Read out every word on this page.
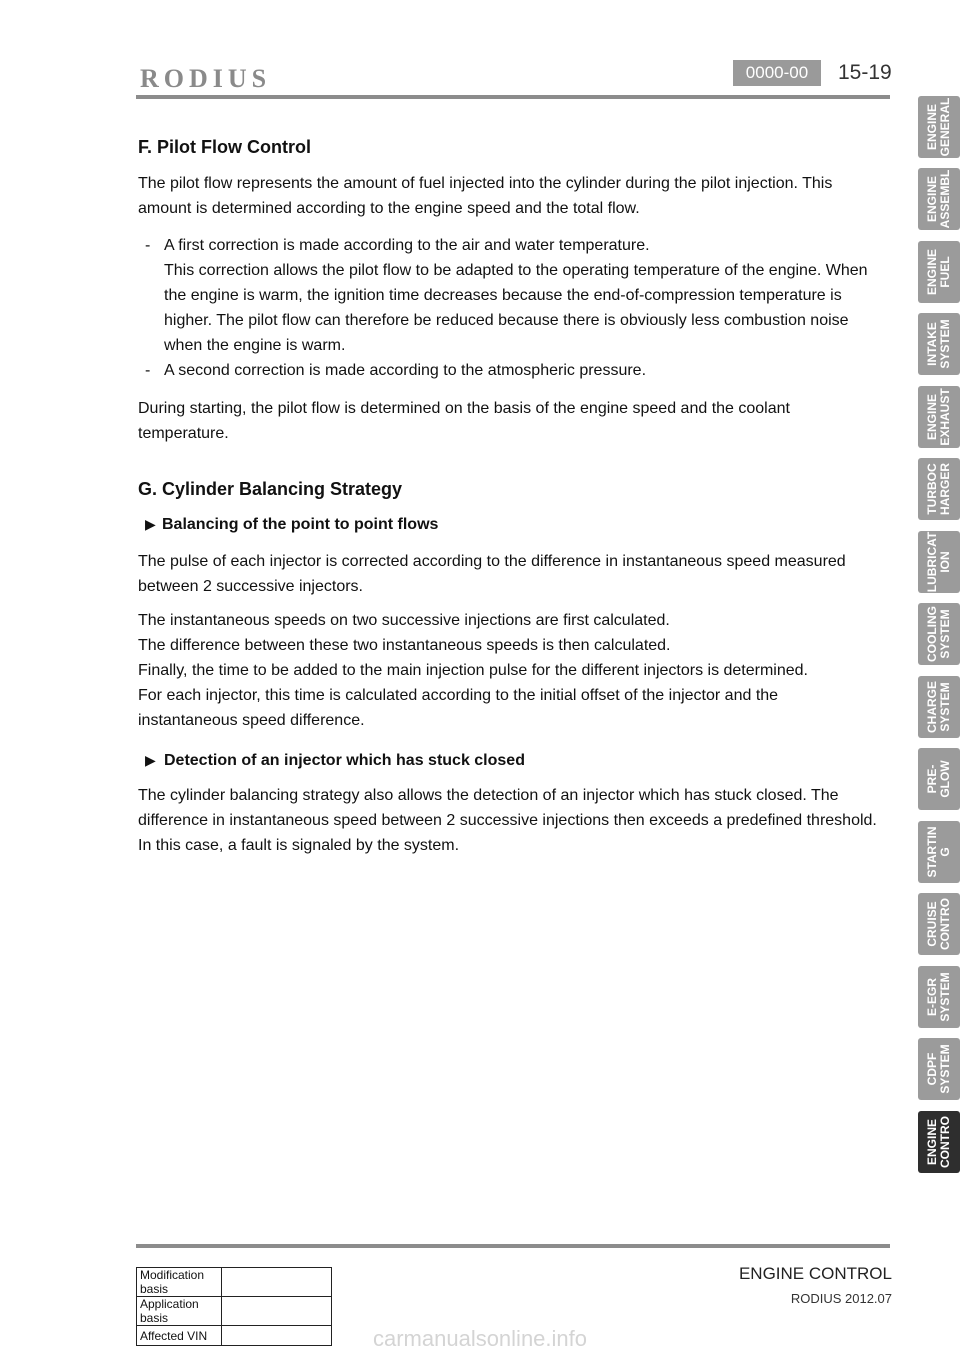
RODIUS	0000-00	15-19
F. Pilot Flow Control
The pilot flow represents the amount of fuel injected into the cylinder during the pilot injection. This
amount is determined according to the engine speed and the total flow.
- A first correction is made according to the air and water temperature.
This correction allows the pilot flow to be adapted to the operating temperature of the engine. When
the engine is warm, the ignition time decreases because the end-of-compression temperature is
higher. The pilot flow can therefore be reduced because there is obviously less combustion noise
when the engine is warm.
- A second correction is made according to the atmospheric pressure.
During starting, the pilot flow is determined on the basis of the engine speed and the coolant
temperature.
G. Cylinder Balancing Strategy
▶ Balancing of the point to point flows
The pulse of each injector is corrected according to the difference in instantaneous speed measured
between 2 successive injectors.
The instantaneous speeds on two successive injections are first calculated.
The difference between these two instantaneous speeds is then calculated.
Finally, the time to be added to the main injection pulse for the different injectors is determined.
For each injector, this time is calculated according to the initial offset of the injector and the
instantaneous speed difference.
▶ Detection of an injector which has stuck closed
The cylinder balancing strategy also allows the detection of an injector which has stuck closed. The
difference in instantaneous speed between 2 successive injections then exceeds a predefined threshold.
In this case, a fault is signaled by the system.
ENGINE
GENERAL
ENGINE
ASSEMBL
ENGINE
FUEL
INTAKE
SYSTEM
ENGINE
EXHAUST
TURBOC
HARGER
LUBRICAT
ION
COOLING
SYSTEM
CHARGE
SYSTEM
PRE-
GLOW
STARTIN
G
CRUISE
CONTRO
E-EGR
SYSTEM
CDPF
SYSTEM
ENGINE
CONTRO
Modification basis	
Application basis	
Affected VIN	
ENGINE CONTROL
RODIUS 2012.07
carmanualsonline.info
